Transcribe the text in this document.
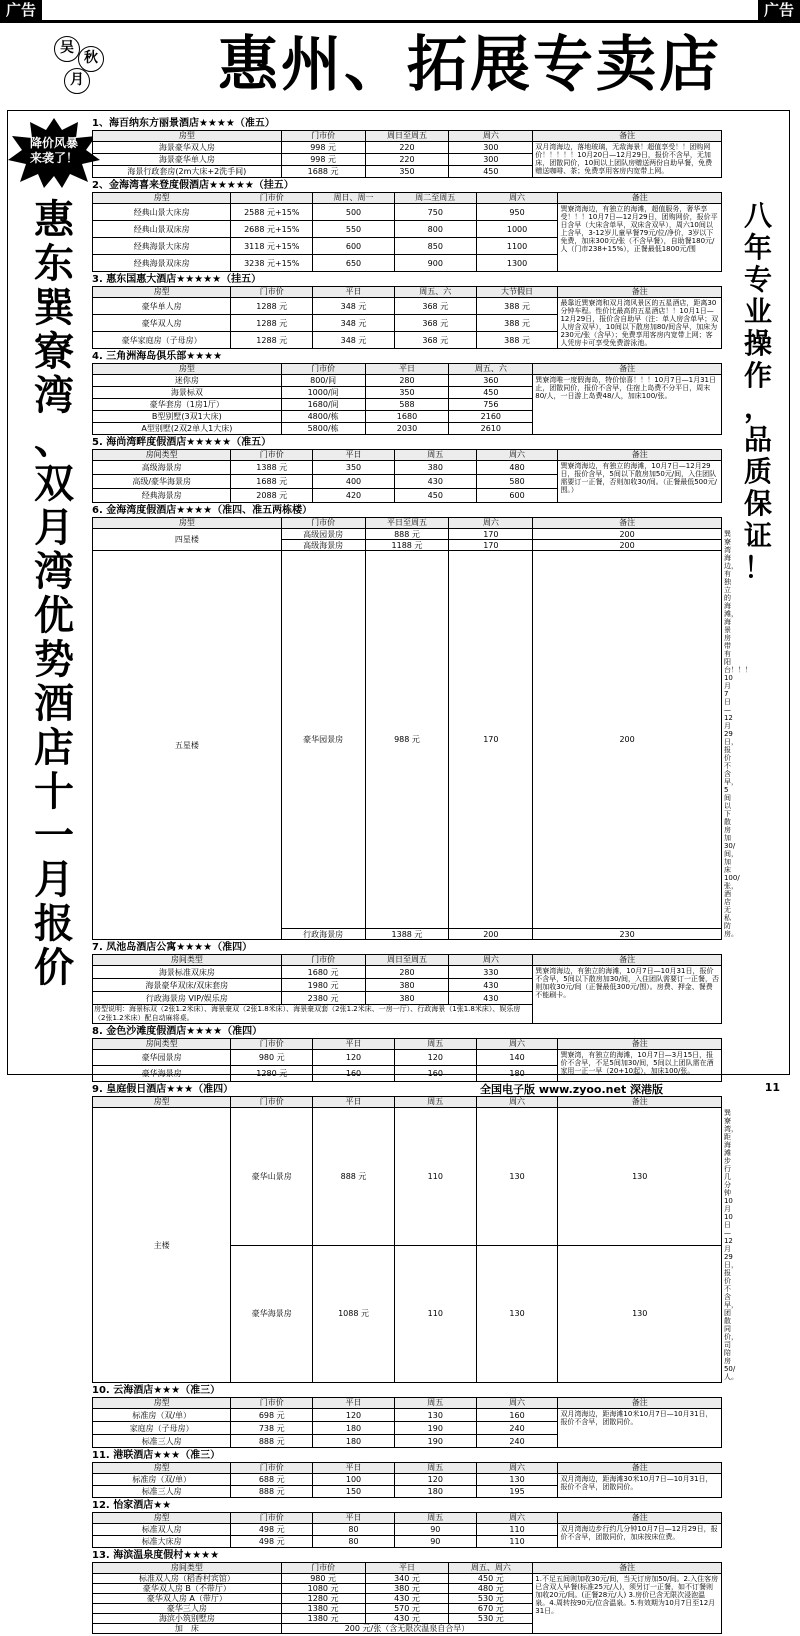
广告	广告
吴
秋
月	惠州、拓展专卖店
降价风暴
来袭了！
惠
东
巽
寮
湾
、
双
月
湾
优
势
酒
店
十
一
月
报
价
八
年
专
业
操
作
，
品
质
保
证
！
1、海百纳东方丽景酒店★★★★（准五）
房型	门市价	周日至周五	周六	备注
海景豪华双人房	998 元	220	300	双月湾海边，落地玻璃，无敌海景！超值享受！！团购网价！！！！！10月20日—12月29日，报价不含早，无加床，团散同价，10间以上团队房赠送两份自助早餐，免费赠送咖啡、茶；免费享用客房内宽带上网。
海景豪华单人房	998 元	220	300	
海景行政套房(2m大床+2洗手间)	1688 元	350	450	
2、金海湾喜来登度假酒店★★★★★（挂五）
房型	门市价	周日、周一	周二至周五	周六	备注
经典山景大床房	2588 元+15%	500	750	950	巽寮湾海边，有独立的海滩，超值服务，奢华享受！！！10月7日—12月29日，团购网价，报价平日含早（大床含单早，双床含双早），周六10间以上含早，3-12岁儿童早餐79元/位/净价，3岁以下免费，加床300元/张（不含早餐），自助餐180元/人（门市238+15%），正餐最低1800元/围
经典山景双床房	2688 元+15%	550	800	1000	
经典海景大床房	3118 元+15%	600	850	1100	
经典海景双床房	3238 元+15%	650	900	1300	
3. 惠东国惠大酒店★★★★★（挂五）
房型	门市价	平日	周五、六	大节假日	备注
豪华单人房	1288 元	348 元	368 元	388 元	最靠近巽寮湾和双月湾风景区的五星酒店，距离30分钟车程。性价比最高的五星酒店！！10月1日—12月29日，报价含自助早（注：单人房含单早；双人房含双早），10间以下散房加80/间含早，加床为230元/张（含早）；免费享用客房内宽带上网；客人凭房卡可享受免费游泳池。
豪华双人房	1288 元	348 元	368 元	388 元	
豪华家庭房（子母房）	1288 元	348 元	368 元	388 元	
4. 三角洲海岛俱乐部★★★★
房型	门市价	平日	周五、六	备注
迷你房	800/间	280	360	巽寮湾唯一度假海岛，特价惊喜！！！10月7日—1月31日止，团散同价，报价不含早，住宿上岛费不分平日，周末80/人，一日游上岛费48/人，加床100/张。
海景标双	1000/间	350	450	
豪华套房（1房1厅）	1680/间	588	756	
B型别墅(3双1大床)	4800/栋	1680	2160	
A型别墅(2双2单人1大床)	5800/栋	2030	2610	
5. 海尚湾畔度假酒店★★★★★（准五）
房间类型	门市价	平日	周五	周六	备注
高级海景房	1388 元	350	380	480	巽寮湾海边，有独立的海滩，10月7日—12月29日，报价含早，5间以下散房加50元/间，入住团队需要订一正餐，否则加收30/间。（正餐最低500元/围。）
高级/豪华海景房	1688 元	400	430	580	
经典海景房	2088 元	420	450	600	
6. 金海湾度假酒店★★★★（准四、准五两栋楼）
房型	门市价	平日至周五	周六	备注	
四星楼	高级园景房	888 元	170	200	巽寮湾海边，有独立的海滩，海景房带有阳台！！！10月7日—12月29日，报价不含早，5间以下散房加30/间，加床100/张，酒店无私防房。
	高级海景房	1188 元	170	200	
五星楼	豪华园景房	988 元	170	200	
	行政海景房	1388 元	200	230	
7. 凤池岛酒店公寓★★★★（准四）
房间类型	门市价	周日至周五	周六	备注
海景标准双床房	1680 元	280	330	巽寮湾海边，有独立的海滩，10月7日—10月31日，报价不含早，5间以下散房加30/间，入住团队需要订一正餐，否则加收30元/间（正餐最低300元/围）。房费、押金、餐费不能刷卡。
海景豪华双床/双床套房	1980 元	380	430	
行政海景房 VIP/娱乐房	2380 元	380	430	
房型说明：海景标双（2张1.2米床）、海景豪双（2张1.8米床）、海景豪双套（2张1.2米床、一房一厅）、行政海景（1张1.8米床）、娱乐房（2张1.2米床）配自动麻将桌。				
8. 金色沙滩度假酒店★★★★（准四）
房间类型	门市价	平日	周五	周六	备注
豪华园景房	980 元	120	120	140	巽寮湾，有独立的海滩，10月7日—3月15日，报价不含早，不足5间加30/间，5间以上团队需在酒家用一正一早（20+10起），加床100/张。
豪华海景房	1280 元	160	160	180	
9. 皇庭假日酒店★★★（准四）
房型	门市价	平日	周五	周六	备注	
主楼	豪华山景房	888 元	110	130	130	巽寮湾，距海滩步行几分钟10月10日—12月29日，报价不含早，团散同价，司陪房50/人。
	豪华海景房	1088 元	110	130	130	
10. 云海酒店★★★（准三）
房型	门市价	平日	周五	周六	备注
标准房（双/单）	698 元	120	130	160	双月湾海边，距海滩10米10月7日—10月31日，报价不含早，团散同价。
家庭房（子母房）	738 元	180	190	240	
标准三人房	888 元	180	190	240	
11. 港联酒店★★★（准三）
房型	门市价	平日	周五	周六	备注
标准房（双/单）	688 元	100	120	130	双月湾海边，距海滩30米10月7日—10月31日，报价不含早，团散同价。
标准三人房	888 元	150	180	195	
12. 怡家酒店★★
房型	门市价	平日	周五	周六	备注
标准双人房	498 元	80	90	110	双月湾海边步行约几分钟10月7日—12月29日，报价不含早，团散同价，加床按床位费。
标准大床房	498 元	80	90	110	
13. 海滨温泉度假村★★★★
房间类型	门市价	平日	周五、周六	备注
标准双人房（稻香村宾馆）	980 元	340 元	450 元	1.不足五间则加收30元/间，当天订房加50/间。2.入住客房已含双人早餐(标准25元/人)，须另订一正餐，如不订餐则加收20元/间。(正餐28元/人) 3.房价已含无限次浸泡温泉。4.周转按90元/位含温泉。5.有效期为10月7日至12月31日。
豪华双人房 B（不带厅）	1080 元	380 元	480 元	
豪华双人房 A（带厅）	1280 元	430 元	530 元	
豪华三人房	1380 元	570 元	670 元	
海滨小筑别墅房	1380 元	430 元	530 元	
加　床	200 元/张（含无限次温泉自合早）			
全国电子版 www.zyoo.net 深港版	11
